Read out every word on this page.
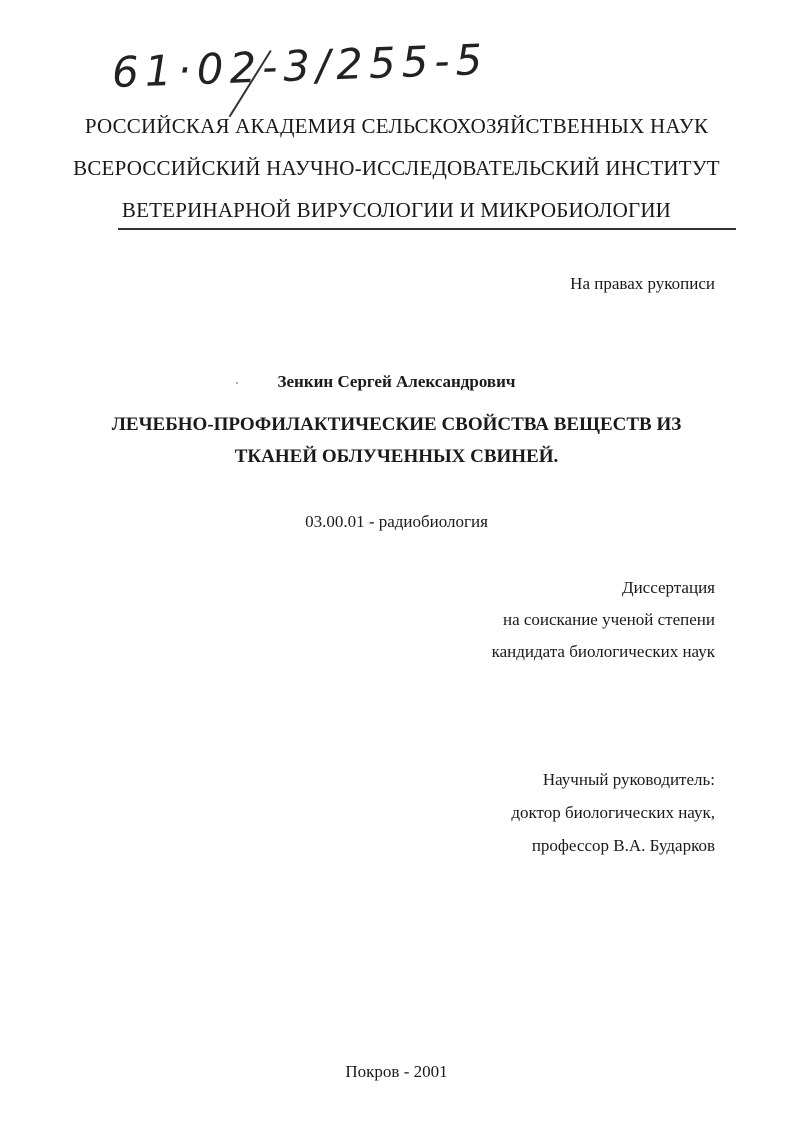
61·02-3/255-5
РОССИЙСКАЯ АКАДЕМИЯ СЕЛЬСКОХОЗЯЙСТВЕННЫХ НАУК
ВСЕРОССИЙСКИЙ НАУЧНО-ИССЛЕДОВАТЕЛЬСКИЙ ИНСТИТУТ
ВЕТЕРИНАРНОЙ ВИРУСОЛОГИИ И МИКРОБИОЛОГИИ
На правах рукописи
Зенкин Сергей Александрович
ЛЕЧЕБНО-ПРОФИЛАКТИЧЕСКИЕ СВОЙСТВА ВЕЩЕСТВ ИЗ
ТКАНЕЙ ОБЛУЧЕННЫХ СВИНЕЙ.
03.00.01 - радиобиология
Диссертация
на соискание ученой степени
кандидата биологических наук
Научный руководитель:
доктор биологических наук,
профессор В.А. Бударков
Покров - 2001
